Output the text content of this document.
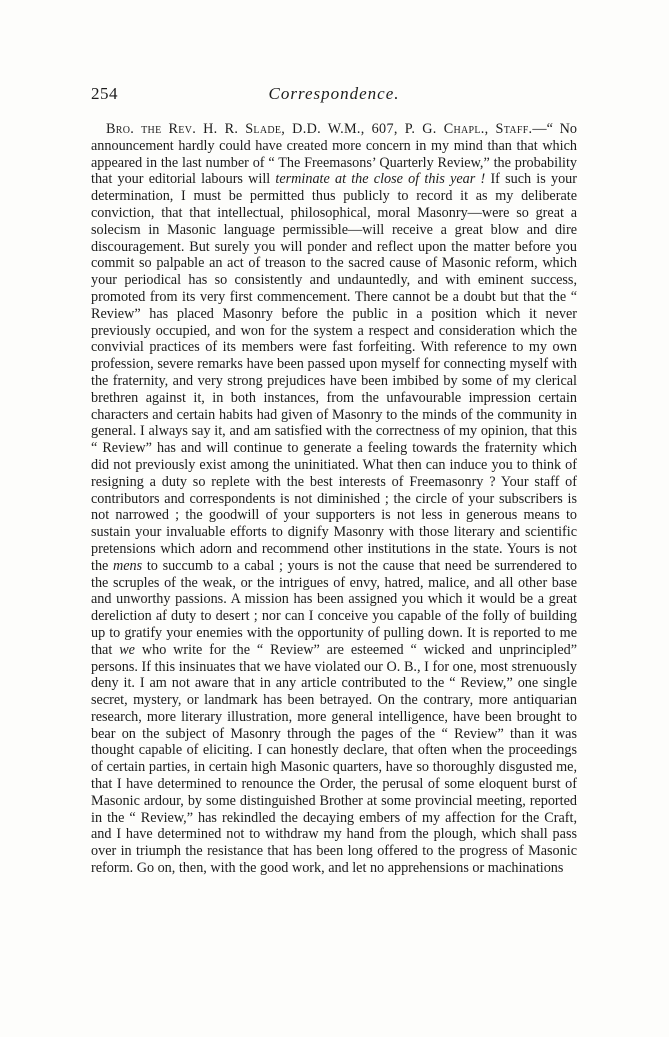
254	Correspondence.

Bro. the Rev. H. R. Slade, D.D. W.M., 607, P. G. Chapl., Staff.—“ No announcement hardly could have created more concern in my mind than that which appeared in the last number of “ The Freemasons’ Quarterly Review,” the probability that your editorial labours will terminate at the close of this year ! If such is your determination, I must be permitted thus publicly to record it as my deliberate conviction, that that intellectual, philosophical, moral Masonry—were so great a solecism in Masonic language permissible—will receive a great blow and dire discouragement. But surely you will ponder and reflect upon the matter before you commit so palpable an act of treason to the sacred cause of Masonic reform, which your periodical has so consistently and undauntedly, and with eminent success, promoted from its very first commencement. There cannot be a doubt but that the “ Review” has placed Masonry before the public in a position which it never previously occupied, and won for the system a respect and consideration which the convivial practices of its members were fast forfeiting. With reference to my own profession, severe remarks have been passed upon myself for connecting myself with the fraternity, and very strong prejudices have been imbibed by some of my clerical brethren against it, in both instances, from the unfavourable impression certain characters and certain habits had given of Masonry to the minds of the community in general. I always say it, and am satisfied with the correctness of my opinion, that this “ Review” has and will continue to generate a feeling towards the fraternity which did not previously exist among the uninitiated. What then can induce you to think of resigning a duty so replete with the best interests of Freemasonry ? Your staff of contributors and correspondents is not diminished ; the circle of your subscribers is not narrowed ; the goodwill of your supporters is not less in generous means to sustain your invaluable efforts to dignify Masonry with those literary and scientific pretensions which adorn and recommend other institutions in the state. Yours is not the mens to succumb to a cabal ; yours is not the cause that need be surrendered to the scruples of the weak, or the intrigues of envy, hatred, malice, and all other base and unworthy passions. A mission has been assigned you which it would be a great dereliction af duty to desert ; nor can I conceive you capable of the folly of building up to gratify your enemies with the opportunity of pulling down. It is reported to me that we who write for the “ Review” are esteemed “ wicked and unprincipled” persons. If this insinuates that we have violated our O. B., I for one, most strenuously deny it. I am not aware that in any article contributed to the “ Review,” one single secret, mystery, or landmark has been betrayed. On the contrary, more antiquarian research, more literary illustration, more general intelligence, have been brought to bear on the subject of Masonry through the pages of the “ Review” than it was thought capable of eliciting. I can honestly declare, that often when the proceedings of certain parties, in certain high Masonic quarters, have so thoroughly disgusted me, that I have determined to renounce the Order, the perusal of some eloquent burst of Masonic ardour, by some distinguished Brother at some provincial meeting, reported in the “ Review,” has rekindled the decaying embers of my affection for the Craft, and I have determined not to withdraw my hand from the plough, which shall pass over in triumph the resistance that has been long offered to the progress of Masonic reform. Go on, then, with the good work, and let no apprehensions or machinations
